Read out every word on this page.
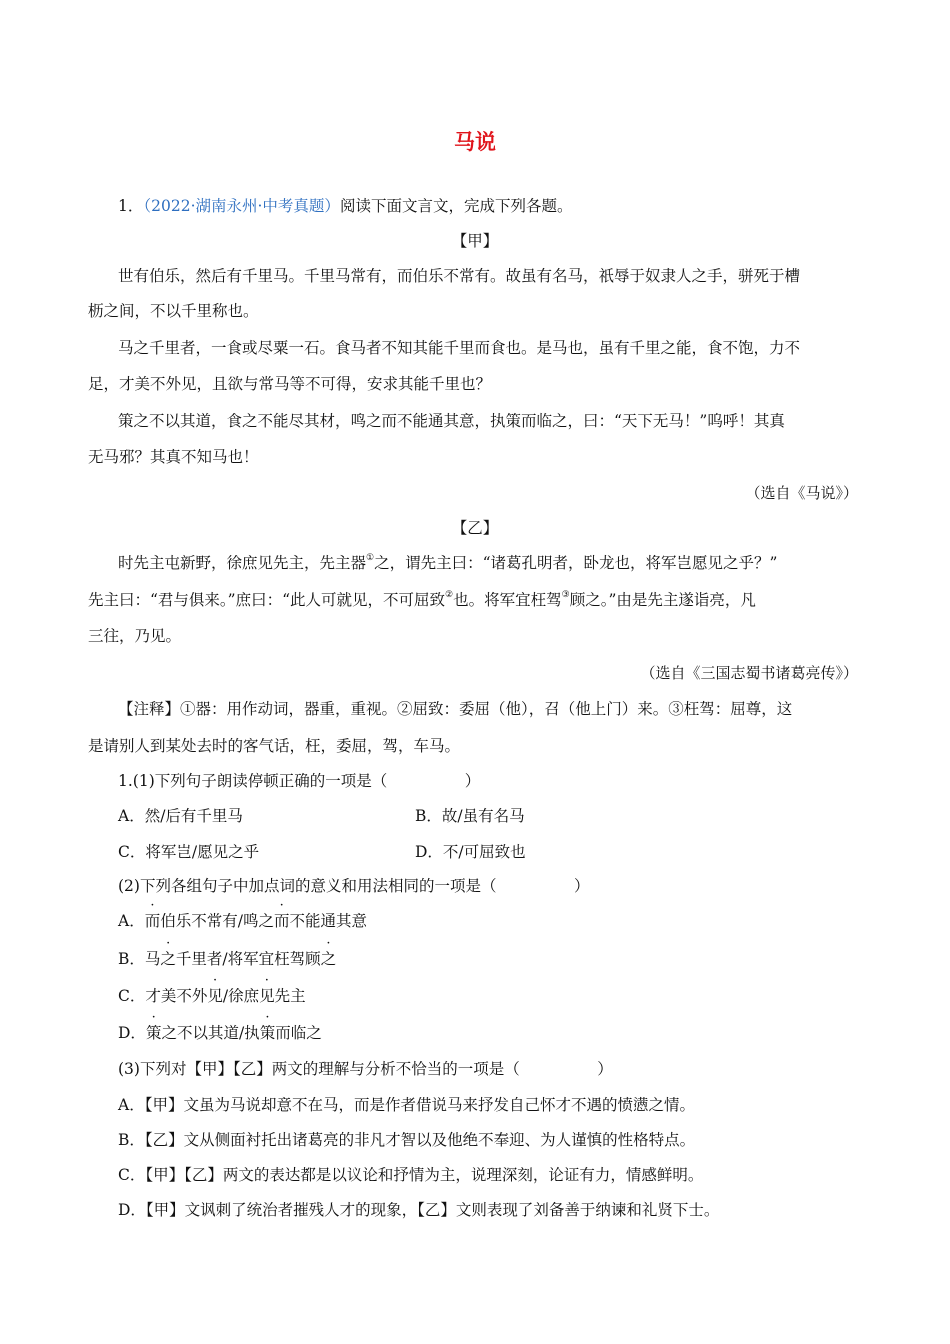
马说
1．（2022·湖南永州·中考真题）阅读下面文言文，完成下列各题。
【甲】
世有伯乐，然后有千里马。千里马常有，而伯乐不常有。故虽有名马，祇辱于奴隶人之手，骈死于槽
枥之间，不以千里称也。
马之千里者，一食或尽粟一石。食马者不知其能千里而食也。是马也，虽有千里之能，食不饱，力不
足，才美不外见，且欲与常马等不可得，安求其能千里也？
策之不以其道，食之不能尽其材，鸣之而不能通其意，执策而临之，曰：“天下无马！”呜呼！其真
无马邪？其真不知马也！
（选自《马说》）
【乙】
时先主屯新野，徐庶见先主，先主器①之，谓先主曰：“诸葛孔明者，卧龙也，将军岂愿见之乎？”
先主曰：“君与俱来。”庶曰：“此人可就见，不可屈致②也。将军宜枉驾③顾之。”由是先主遂诣亮，凡
三往，乃见。
（选自《三国志蜀书诸葛亮传》）
【注释】①器：用作动词，器重，重视。②屈致：委屈（他），召（他上门）来。③枉驾：屈尊，这
是请别人到某处去时的客气话，枉，委屈，驾，车马。
1.(1)下列句子朗读停顿正确的一项是（　　　　　）
A．然/后有千里马	B．故/虽有名马
C．将军岂/愿见之乎	D．不/可屈致也
(2)下列各组句子中加点词的意义和用法相同的一项是（　　　　　）
A．而伯乐不常有/鸣之而不能通其意
B．马之千里者/将军宜枉驾顾之
C．才美不外见/徐庶见先主
D．策之不以其道/执策而临之
(3)下列对【甲】【乙】两文的理解与分析不恰当的一项是（　　　　　）
A．【甲】文虽为马说却意不在马，而是作者借说马来抒发自己怀才不遇的愤懑之情。
B．【乙】文从侧面衬托出诸葛亮的非凡才智以及他绝不奉迎、为人谨慎的性格特点。
C．【甲】【乙】两文的表达都是以议论和抒情为主，说理深刻，论证有力，情感鲜明。
D．【甲】文讽刺了统治者摧残人才的现象，【乙】文则表现了刘备善于纳谏和礼贤下士。
